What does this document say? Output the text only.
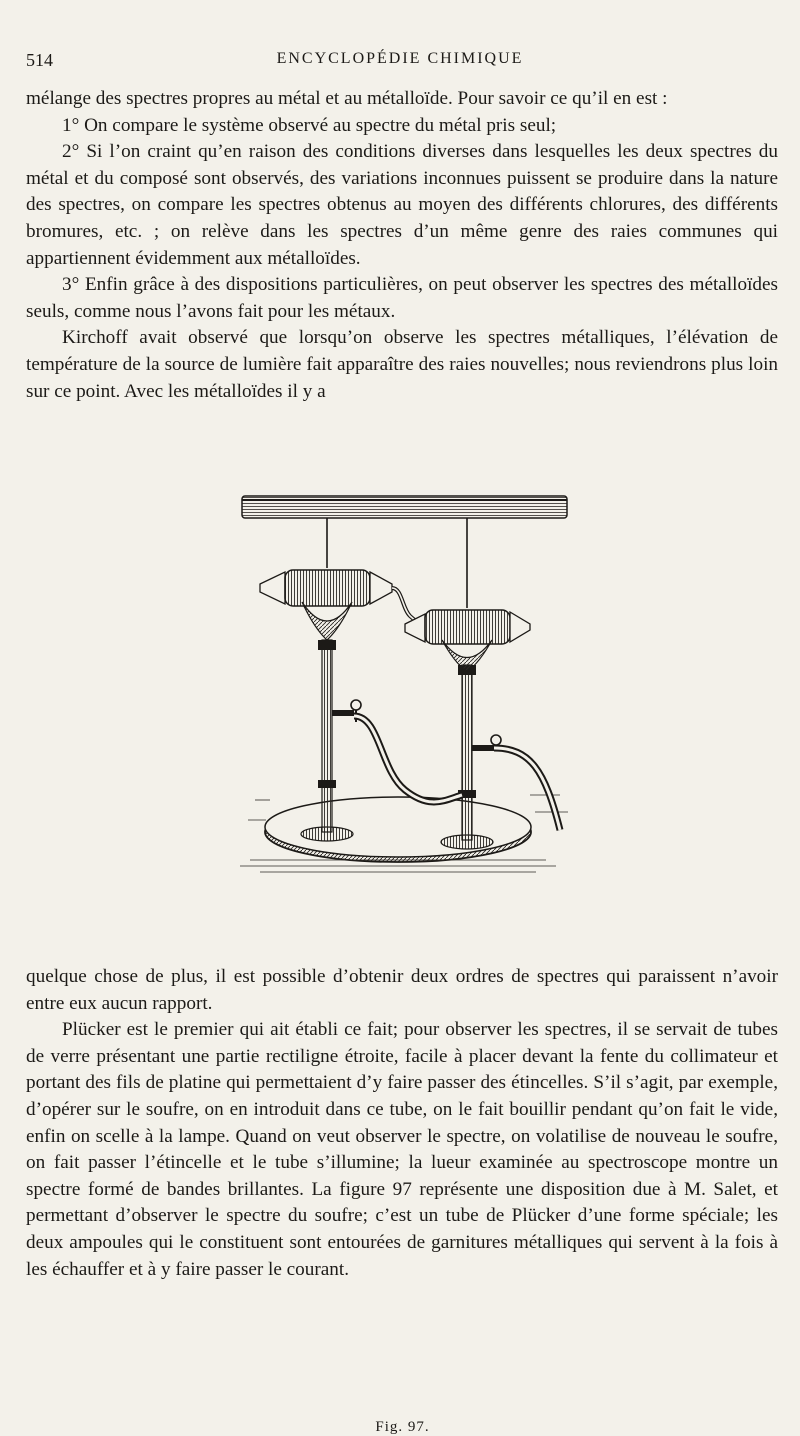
514	ENCYCLOPÉDIE CHIMIQUE

mélange des spectres propres au métal et au métalloïde. Pour savoir ce qu’il en est :

1° On compare le système observé au spectre du métal pris seul;

2° Si l’on craint qu’en raison des conditions diverses dans lesquelles les deux spectres du métal et du composé sont observés, des variations inconnues puissent se produire dans la nature des spectres, on compare les spectres obtenus au moyen des différents chlorures, des différents bromures, etc. ; on relève dans les spectres d’un même genre des raies communes qui appartiennent évidemment aux métalloïdes.

3° Enfin grâce à des dispositions particulières, on peut observer les spectres des métalloïdes seuls, comme nous l’avons fait pour les métaux.

Kirchoff avait observé que lorsqu’on observe les spectres métalliques, l’élévation de température de la source de lumière fait apparaître des raies nouvelles; nous reviendrons plus loin sur ce point. Avec les métalloïdes il y a

Fig. 97.

quelque chose de plus, il est possible d’obtenir deux ordres de spectres qui paraissent n’avoir entre eux aucun rapport.

Plücker est le premier qui ait établi ce fait; pour observer les spectres, il se servait de tubes de verre présentant une partie rectiligne étroite, facile à placer devant la fente du collimateur et portant des fils de platine qui permettaient d’y faire passer des étincelles. S’il s’agit, par exemple, d’opérer sur le soufre, on en introduit dans ce tube, on le fait bouillir pendant qu’on fait le vide, enfin on scelle à la lampe. Quand on veut observer le spectre, on volatilise de nouveau le soufre, on fait passer l’étincelle et le tube s’illumine; la lueur examinée au spectroscope montre un spectre formé de bandes brillantes. La figure 97 représente une disposition due à M. Salet, et permettant d’observer le spectre du soufre; c’est un tube de Plücker d’une forme spéciale; les deux ampoules qui le constituent sont entourées de garnitures métalliques qui servent à la fois à les échauffer et à y faire passer le courant.
